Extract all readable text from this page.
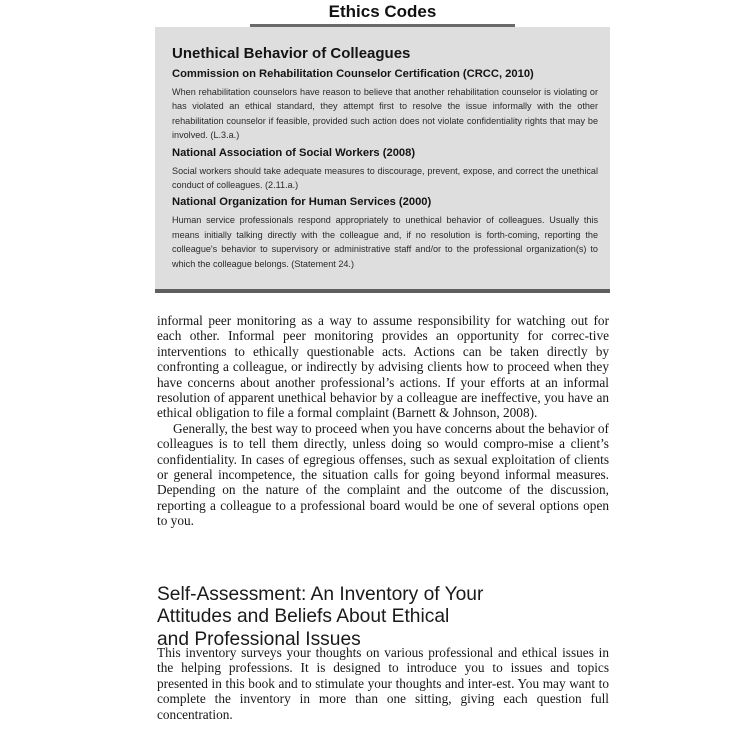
Ethics Codes
Unethical Behavior of Colleagues
Commission on Rehabilitation Counselor Certification (CRCC, 2010)

When rehabilitation counselors have reason to believe that another rehabilitation counselor is violating or has violated an ethical standard, they attempt first to resolve the issue informally with the other rehabilitation counselor if feasible, provided such action does not violate confidentiality rights that may be involved. (L.3.a.)

National Association of Social Workers (2008)

Social workers should take adequate measures to discourage, prevent, expose, and correct the unethical conduct of colleagues. (2.11.a.)

National Organization for Human Services (2000)

Human service professionals respond appropriately to unethical behavior of colleagues. Usually this means initially talking directly with the colleague and, if no resolution is forth-coming, reporting the colleague's behavior to supervisory or administrative staff and/or to the professional organization(s) to which the colleague belongs. (Statement 24.)

informal peer monitoring as a way to assume responsibility for watching out for each other. Informal peer monitoring provides an opportunity for correc-tive interventions to ethically questionable acts. Actions can be taken directly by confronting a colleague, or indirectly by advising clients how to proceed when they have concerns about another professional’s actions. If your efforts at an informal resolution of apparent unethical behavior by a colleague are ineffective, you have an ethical obligation to file a formal complaint (Barnett & Johnson, 2008).

Generally, the best way to proceed when you have concerns about the behavior of colleagues is to tell them directly, unless doing so would compro-mise a client’s confidentiality. In cases of egregious offenses, such as sexual exploitation of clients or general incompetence, the situation calls for going beyond informal measures. Depending on the nature of the complaint and the outcome of the discussion, reporting a colleague to a professional board would be one of several options open to you.

Self-Assessment: An Inventory of Your
Attitudes and Beliefs About Ethical
and Professional Issues

This inventory surveys your thoughts on various professional and ethical issues in the helping professions. It is designed to introduce you to issues and topics presented in this book and to stimulate your thoughts and inter-est. You may want to complete the inventory in more than one sitting, giving each question full concentration.
